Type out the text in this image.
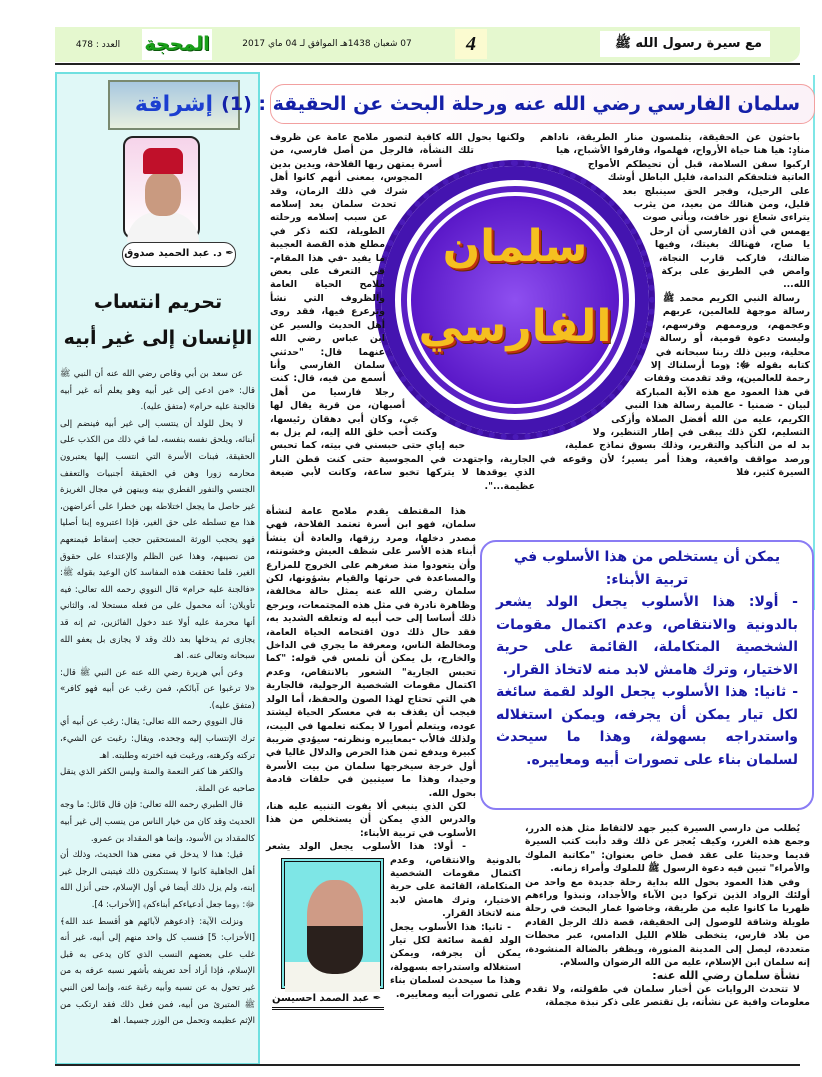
العدد : 478	المحجة	07 شعبان 1438هـ الموافق لـ 04 ماي 2017	4	مع سيرة رسول الله ﷺ
إشراقة
✒ د. عبد الحميد صدوق
تحريم انتساب
الإنسان إلى غير أبيه

عن سعد بن أبي وقاص رضي الله عنه أن النبي ﷺ قال: «من ادعى إلى غير أبيه وهو يعلم أنه غير أبيه فالجنة عليه حرام» (متفق عليه).

لا يحل للولد أن ينتسب إلى غير أبيه فينضم إلى أبنائه، ويلحق نفسه بنفسه، لما في ذلك من الكذب على الحقيقة، فبنات الأسرة التي انتسب إليها يعتبرون محارمه زورا وهن في الحقيقة أجنبيات والتعفف الجنسي والنفور الفطري بينه وبينهن في مجال الغريزة غير حاصل ما يجعل اختلاطه بهن خطرا على أعراضهن، هذا مع تسلطه على حق الغير، فإذا اعتبروه إبنا أصليا فهو يحجب الورثة المستحقين حجب إسقاط فيمنعهم من نصيبهم، وهذا عين الظلم والإعتداء على حقوق الغير، فلما تحققت هذه المفاسد كان الوعيد بقوله ﷺ: «فالجنة عليه حرام» قال النووي رحمه الله تعالى: فيه تأويلان: أنه محمول على من فعله مستحلا له، والثاني أنها محرمة عليه أولا عند دخول الفائزين، ثم إنه قد يجازى ثم يدخلها بعد ذلك وقد لا يجازى بل يعفو الله سبحانه وتعالى عنه. اهـ

وعن أبي هريرة رضي الله عنه عن النبي ﷺ قال: «لا ترغبوا عن آبائكم، فمن رغب عن أبيه فهو كافر» (متفق عليه).

قال النووي رحمه الله تعالى: يقال: رغب عن أبيه أي ترك الإنتساب إليه وجحده، ويقال: رغبت عن الشيء، تركته وكرهته، ورغبت فيه اخترته وطلبته. اهـ

والكفر هنا كفر النعمة والمنة وليس الكفر الذي ينقل صاحبه عن الملة.

قال الطبري رحمه الله تعالى: فإن قال قائل: ما وجه الحديث وقد كان من خيار الناس من ينسب إلى غير أبيه كالمقداد بن الأسود، وإنما هو المقداد بن عمرو.

قيل: هذا لا يدخل في معنى هذا الحديث، وذلك أن أهل الجاهلية كانوا لا يستنكرون ذلك فيتبنى الرجل غير إبنه، ولم يزل ذلك أيضا في أول الإسلام، حتى أنزل الله ﷻ: ﴿وما جعل أدعياءكم أبناءكم﴾ [الأحزاب: 4].

ونزلت الآية: ﴿ادعوهم لآبائهم هو أقسط عند الله﴾ [الأحزاب: 5] فنسب كل واحد منهم إلى أبيه، غير أنه غلب على بعضهم النسب الذي كان يدعى به قبل الإسلام، فإذا أراد أحد تعريفه بأشهر نسبه عرفه به من غير تحول به عن نسبه وأبيه رغبة عنه، وإنما لعن النبي ﷺ المتبرئ من أبيه، فمن فعل ذلك فقد ارتكب من الإثم عظيمه وتحمل من الوزر جسيما. اهـ

سلمان الفارسي رضي الله عنه ورحلة البحث عن الحقيقة : (1)
سلمان
الفارسي

ولكنها بحول الله كافية لتصور ملامح عامة عن ظروف تلك النشأة، فالرجل من أصل فارسي، من أسرة يمتهن ربها الفلاحة، ويدين بدين المجوس، بمعنى أنهم كانوا أهل شرك في ذلك الزمان، وقد تحدث سلمان بعد إسلامه عن سبب إسلامه ورحلته الطويلة، لكنه ذكر في مطلع هذه القصة العجيبة ما يفيد -في هذا المقام- في التعرف على بعض ملامح الحياة العامة والظروف التي نشأ وترعرع فيها، فقد روى أهل الحديث والسير عن ابن عباس رضي الله عنهما قال: "حدثني سلمان الفارسي وأنا أسمع من فيه، قال: كنت رجلا فارسيا من أهل أصبهان، من قرية يقال لها جَي، وكان أبي دهقان رئيسها، وكنت أحب خلق الله إليه، لم يزل به حبه إياي حتى حبسني في بيته، كما تحبس الجارية، واجتهدت في المجوسية حتى كنت قطن النار الذي يوقدها لا يتركها تخبو ساعة، وكانت لأبي ضيعة عظيمة...".

باحثون عن الحقيقة، يتلمسون منار الطريقة، ناداهم منادٍ: هيا هنا حياة الأرواح، فهلموا، وفارقوا الأشباح، هيا اركبوا سفن السلامة، قبل أن تحيطكم الأمواج العاتية فتلحقكم الندامة، فليل الباطل أوشك على الرحيل، وفجر الحق سينبلج بعد قليل، ومن هنالك من بعيد، من يثرب يتراءى شعاع نور خافت، ويأتي صوت يهمس في أذن الفارسي أن ارحل يا صاح، فهنالك بغيتك، وفيها ضالتك، فاركب قارب النجاة، وامض في الطريق على بركة الله...

رسالة النبي الكريم محمد ﷺ رسالة موجهة للعالمين، عربهم وعجمهم، وروممهم وفرسهم، وليست دعوة قومية، أو رسالة محلية، وبين ذلك ربنا سبحانه في كتابه بقوله ﷻ: ﴿وما أرسلناك إلا رحمة للعالمين﴾، وقد تقدمت وقفات في هذا العمود مع هذه الآية المباركة لبيان - ضمنيا - عالمية رسالة هذا النبي الكريم، عليه من الله أفضل الصلاة وأزكى التسليم، لكن ذلك يبقى في إطار التنظير، ولا بد له من التأكيد والتقرير، وذلك بسوق نماذج عملية، ورصد مواقف واقعية، وهذا أمر يسير؛ لأن وقوعه في السيرة كثير، فلا

هذا المقتطف يقدم ملامح عامة لنشأة سلمان، فهو ابن أسرة تعتمد الفلاحة، فهي مصدر دخلها، ومرد رزقها، والعادة أن ينشأ أبناء هذه الأسر على شظف العيش وخشونته، وأن يتعودوا منذ صغرهم على الخروج للمزارع والمساعدة في حرثها والقيام بشؤونها، لكن سلمان رضي الله عنه يمثل حالة مخالفة، وظاهرة نادرة في مثل هذه المجتمعات، ويرجع ذلك أساسا إلى حب أبيه له وتعلقه الشديد به، فقد حال ذلك دون اقتحامه الحياة العامة، ومخالطة الناس، ومعرفة ما يجري في الداخل والخارج، بل يمكن أن نلمس في قوله: "كما تحبس الجارية" الشعور بالانتقاص، وعدم اكتمال مقومات الشخصية الرجولية، فالجارية هي التي تحتاج لهذا الصون والحفظ، أما الولد فيجب أن يقذف به في معسكر الحياة ليشتد عوده، ويتعلم أمورا لا يمكنه تعلمها في البيت، ولذلك فالأب -بمعاييره ونظرته- سيؤدي ضريبة كبيرة ويدفع ثمن هذا الحرص والدلال غاليا في أول خرجة سيخرجها سلمان من بيت الأسرة وحيدا، وهذا ما سيتبين في حلقات قادمة بحول الله.

لكن الذي ينبغي ألا يفوت التنبيه عليه هنا، والدرس الذي يمكن أن يستخلص من هذا الأسلوب في تربية الأبناء:

- أولا: هذا الأسلوب يجعل الولد يشعر بالدونية والانتقاص، وعدم اكتمال مقومات الشخصية المتكاملة، القائمة على حرية الاختيار، وترك هامش لابد منه لاتخاذ القرار.

- ثانيا: هذا الأسلوب يجعل الولد لقمة سائغة لكل تيار يمكن أن يجرفه، ويمكن استغلاله واستدراجه بسهولة، وهذا ما سيحدث لسلمان بناء على تصورات أبيه ومعاييره.

يمكن أن يستخلص من هذا الأسلوب في تربية الأبناء:
- أولا: هذا الأسلوب يجعل الولد يشعر بالدونية والانتقاص، وعدم اكتمال مقومات الشخصية المتكاملة، القائمة على حرية الاختيار، وترك هامش لابد منه لاتخاذ القرار.
- ثانيا: هذا الأسلوب يجعل الولد لقمة سائغة لكل تيار يمكن أن يجرفه، ويمكن استغلاله واستدراجه بسهولة، وهذا ما سيحدث لسلمان بناء على تصورات أبيه ومعاييره.

يُطلب من دارسي السيرة كبير جهد لالتقاط مثل هذه الدرر، وجمع هذه الغرر، وكيف يُعجز عن ذلك وقد دأبت كتب السيرة قديما وحديثا على عقد فصل خاص بعنوان: "مكاتبة الملوك والأمراء" تبين فيه دعوة الرسول ﷺ للملوك وأمراء زمانه.

وفي هذا العمود بحول الله بداية رحلة جديدة مع واحد من أولئك الرواد الذين تركوا دين الآباء والأجداد، ونبذوا وراءهم ظهريا ما كانوا عليه من طريقة، وخاضوا غمار البحث في رحلة طويلة وشاقة للوصول إلى الحقيقة، قصة ذلك الرجل القادم من بلاد فارس، يتخطى ظلام الليل الدامس، عبر محطات متعددة، ليصل إلى المدينة المنورة، ويظفر بالضالة المنشودة، إنه سلمان ابن الإسلام، عليه من الله الرضوان والسلام.

نشأة سلمان رضي الله عنه:

لا تتحدث الروايات عن أخبار سلمان في طفولته، ولا تقدم معلومات وافية عن نشأته، بل تقتصر على ذكر نبذة مجملة،

✒ عبد الصمد احسيسن
